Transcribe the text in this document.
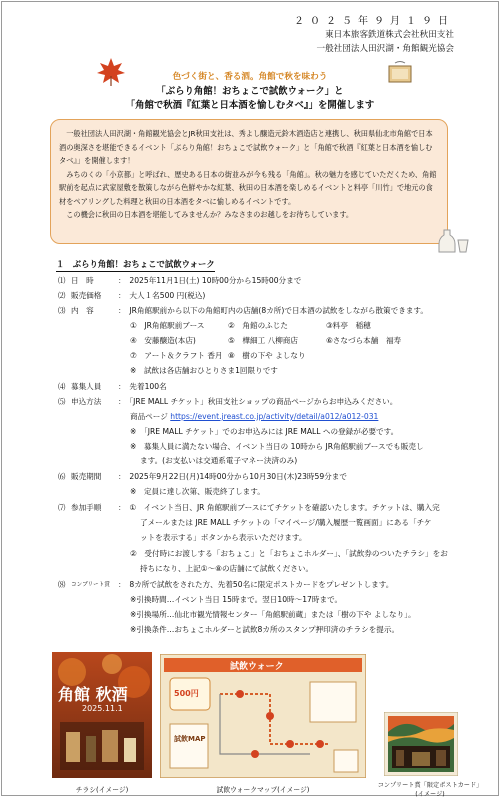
２０２５年９月１９日
東日本旅客鉄道株式会社秋田支社
一般社団法人田沢湖・角館観光協会
色づく街と、香る酒。角館で秋を味わう
「ぶらり角館！おちょこで試飲ウォーク」と
「角館で秋酒『紅葉と日本酒を愉しむタベ』」を開催します

一般社団法人田沢湖・角館観光協会とJR秋田支社は、秀よし醸造元鈴木酒造店と連携し、秋田県仙北市角館で日本酒の奥深さを堪能できるイベント「ぶらり角館！おちょこで試飲ウォーク」と「角館で秋酒『紅葉と日本酒を愉しむタベ』」を開催します！

みちのくの「小京都」と呼ばれ、歴史ある日本の街並みが今も残る「角館」。秋の魅力を感じていただくため、角館駅前を起点に武家屋敷を散策しながら色鮮やかな紅葉、秋田の日本酒を楽しめるイベントと料亭「川竹」で地元の食材をペアリングした料理と秋田の日本酒をタベに愉しめるイベントです。

この機会に秋田の日本酒を堪能してみませんか？みなさまのお越しをお待ちしています。

１　ぶらり角館！おちょこで試飲ウォーク
⑴ 日　時	：　2025年11月1日(土) 10時00分から15時00分まで
⑵ 販売価格 ：　大人１名500 円(税込)
⑶ 内　容	：　JR角館駅前から以下の角館町内の店舗(8カ所)で日本酒の試飲をしながら散策できます。
①　JR角館駅前ブース	②　角館のふじた	③料亭　稲穂
④　安藤醸造(本店)	⑤　樺細工 八柳商店	⑥さなづら本舗　福寿
⑦　アート＆クラフト 香月 ⑧　樹の下や よしなり
※　試飲は各店舗おひとりさま1回限りです
⑷ 募集人員 ：　先着100名
⑸ 申込方法 ：　「JRE MALL チケット」秋田支社ショップの商品ページからお申込みください。
商品ページ https://event.jreast.co.jp/activity/detail/a012/a012-031
※　「JRE MALL チケット」でのお申込みには JRE MALL への登録が必要です。
※　募集人員に満たない場合、イベント当日の 10時から JR角館駅前ブースでも販売し
ます。(お支払いは交通系電子マネー決済のみ)
⑹ 販売期間 ：　2025年9月22日(月)14時00分から10月30日(木)23時59分まで
※　定員に達し次第、販売終了します。
⑺ 参加手順 ：　①　イベント当日、JR 角館駅前ブースにてチケットを確認いたします。チケットは、購入完
了メールまたは JRE MALL チケットの「マイページ/購入履歴一覧画面」にある「チケ
ットを表示する」ボタンから表示いただけます。
②　受付時にお渡しする「おちょこ」と「おちょこホルダー」、「試飲券のついたチラシ」をお
持ちになり、上記①～⑧の店舗にて試飲ください。
⑻ コンプリート賞 ：　8カ所で試飲をされた方、先着50名に限定ポストカードをプレゼントします。
※引換時間…イベント当日 15時まで。翌日10時～17時まで。
※引換場所…仙北市観光情報センター「角館駅前蔵」または「樹の下や よしなり」。
※引換条件…おちょこホルダーと試飲8カ所のスタンプ押印済のチラシを提示。
角館 秋酒
2025.11.1
チラシ(イメージ)
試飲ウォーク
500円
試飲MAP
試飲ウォークマップ(イメージ)
コンプリート賞「限定ポストカード」
(イメージ)
